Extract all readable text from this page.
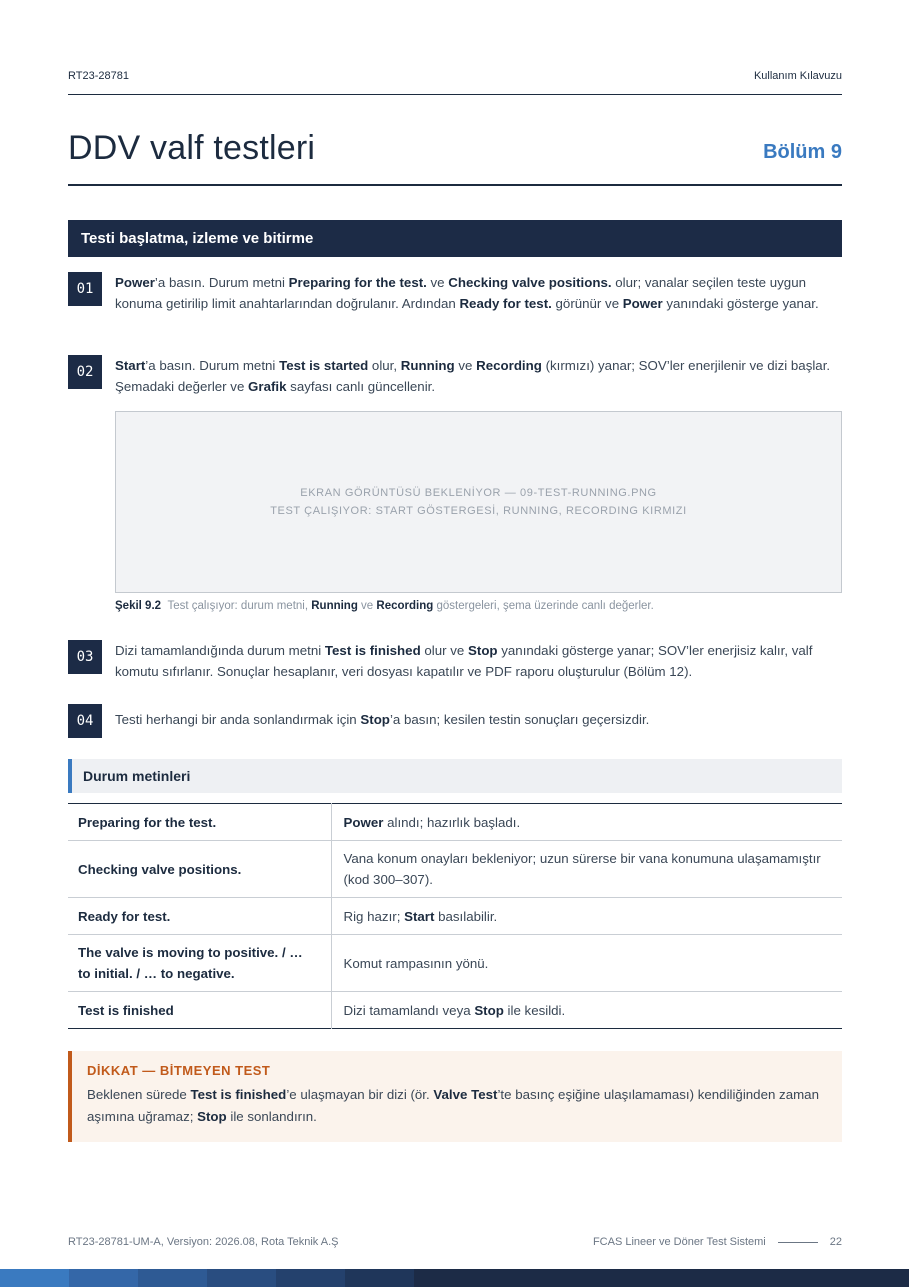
RT23-28781	Kullanım Kılavuzu
DDV valf testleri	Bölüm 9
Testi başlatma, izleme ve bitirme
01	Power’a basın. Durum metni Preparing for the test. ve Checking valve positions. olur; vanalar seçilen teste uygun konuma getirilip limit anahtarlarından doğrulanır. Ardından Ready for test. görünür ve Power yanındaki gösterge yanar.
02	Start’a basın. Durum metni Test is started olur, Running ve Recording (kırmızı) yanar; SOV’ler enerjilenir ve dizi başlar. Şemadaki değerler ve Grafik sayfası canlı güncellenir.
EKRAN GÖRÜNTÜSÜ BEKLENİYOR — 09-TEST-RUNNING.PNG
TEST ÇALIŞIYOR: START GÖSTERGESİ, RUNNING, RECORDING KIRMIZI
Şekil 9.2 Test çalışıyor: durum metni, Running ve Recording göstergeleri, şema üzerinde canlı değerler.
03	Dizi tamamlandığında durum metni Test is finished olur ve Stop yanındaki gösterge yanar; SOV’ler enerjisiz kalır, valf komutu sıfırlanır. Sonuçlar hesaplanır, veri dosyası kapatılır ve PDF raporu oluşturulur (Bölüm 12).
04	Testi herhangi bir anda sonlandırmak için Stop’a basın; kesilen testin sonuçları geçersizdir.
Durum metinleri
Preparing for the test.	Power alındı; hazırlık başladı.
Checking valve positions.	Vana konum onayları bekleniyor; uzun sürerse bir vana konumuna ulaşamamıştır (kod 300–307).
Ready for test.	Rig hazır; Start basılabilir.
The valve is moving to positive. / … to initial. / … to negative.	Komut rampasının yönü.
Test is finished	Dizi tamamlandı veya Stop ile kesildi.
DİKKAT — BİTMEYEN TEST
Beklenen sürede Test is finished’e ulaşmayan bir dizi (ör. Valve Test’te basınç eşiğine ulaşılamaması) kendiliğinden zaman aşımına uğramaz; Stop ile sonlandırın.
RT23-28781-UM-A, Versiyon: 2026.08, Rota Teknik A.Ş	FCAS Lineer ve Döner Test Sistemi	22
